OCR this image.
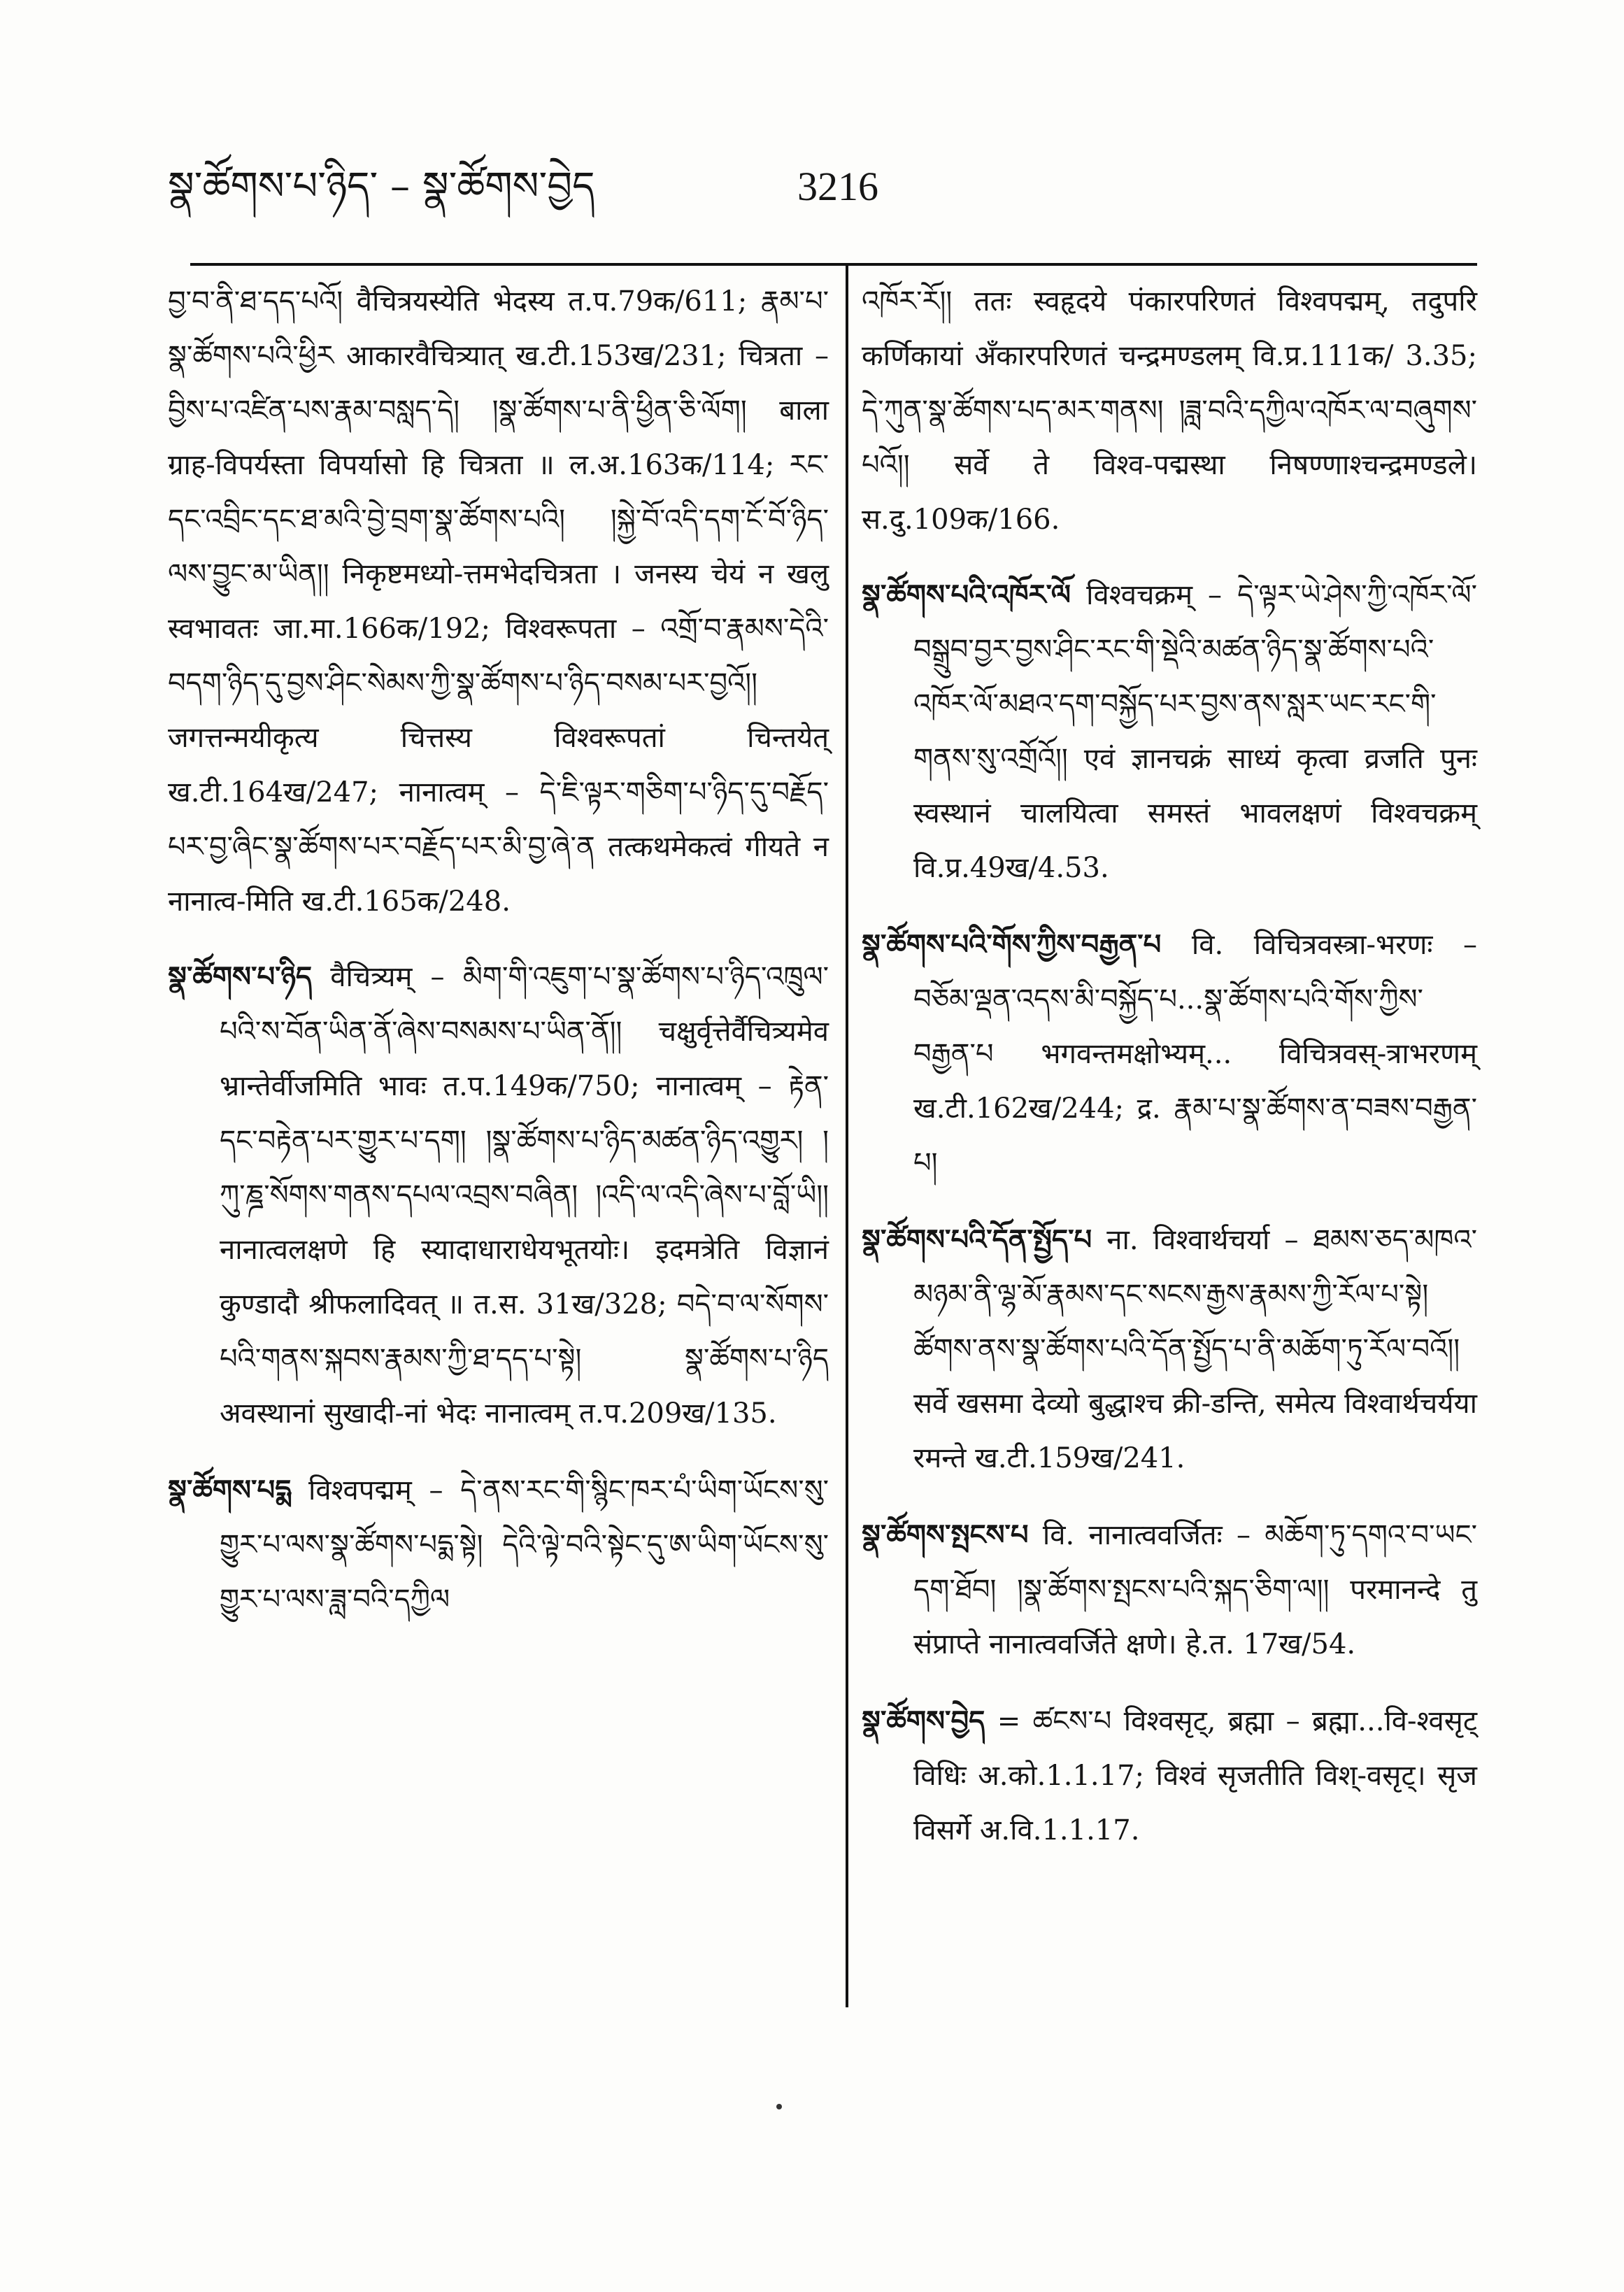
སྣ་ཚོགས་པ་ཉིད་ – སྣ་ཚོགས་བྱེད	3216

བྱ་བ་ནི་ཐ་དད་པའོ། वैचित्रयस्येति भेदस्य त.प.79क/611; རྣམ་པ་སྣ་ཚོགས་པའི་ཕྱིར आकारवैचित्र्यात् ख.टी.153ख/231; चित्रता – བྱིས་པ་འཛིན་པས་རྣམ་བསླད་དེ། །སྣ་ཚོགས་པ་ནི་ཕྱིན་ཅི་ལོག། बाला ग्राह-विपर्यस्ता विपर्यासो हि चित्रता ॥ ल.अ.163क/114; རང་དང་འབྲིང་དང་ཐ་མའི་བྱེ་བྲག་སྣ་ཚོགས་པའི། །སྐྱེ་བོ་འདི་དག་ངོ་བོ་ཉིད་ལས་བྱུང་མ་ཡིན།། निकृष्टमध्यो-त्तमभेदचित्रता । जनस्य चेयं न खलु स्वभावतः जा.मा.166क/192; विश्वरूपता – འགྲོ་བ་རྣམས་དེའི་བདག་ཉིད་དུ་བྱས་ཤིང་སེམས་ཀྱི་སྣ་ཚོགས་པ་ཉིད་བསམ་པར་བྱའོ།། जगत्तन्मयीकृत्य चित्तस्य विश्वरूपतां चिन्तयेत् ख.टी.164ख/247; नानात्वम् – དེ་ཇི་ལྟར་གཅིག་པ་ཉིད་དུ་བརྗོད་པར་བྱ་ཞིང་སྣ་ཚོགས་པར་བརྗོད་པར་མི་བྱ་ཞེ་ན तत्कथमेकत्वं गीयते न नानात्व-मिति ख.टी.165क/248.

སྣ་ཚོགས་པ་ཉིད वैचित्र्यम् – མིག་གི་འཇུག་པ་སྣ་ཚོགས་པ་ཉིད་འཁྲུལ་པའི་ས་བོན་ཡིན་ནོ་ཞེས་བསམས་པ་ཡིན་ནོ།། चक्षुर्वृत्तेर्वैचित्र्यमेव भ्रान्तेर्वीजमिति भावः त.प.149क/750; नानात्वम् – རྟེན་དང་བརྟེན་པར་གྱུར་པ་དག། །སྣ་ཚོགས་པ་ཉིད་མཚན་ཉིད་འགྱུར། །ཀུ་ཎྜ་སོགས་གནས་དཔལ་འབྲས་བཞིན། །འདི་ལ་འདི་ཞེས་པ་བློ་ཡི།། नानात्वलक्षणे हि स्यादाधाराधेयभूतयोः। इदमत्रेति विज्ञानं कुण्डादौ श्रीफलादिवत् ॥ त.स. 31ख/328; བདེ་བ་ལ་སོགས་པའི་གནས་སྐབས་རྣམས་ཀྱི་ཐ་དད་པ་སྟེ། སྣ་ཚོགས་པ་ཉིད अवस्थानां सुखादी-नां भेदः नानात्वम् त.प.209ख/135.

སྣ་ཚོགས་པདྨ विश्वपद्मम् – དེ་ནས་རང་གི་སྙིང་ཁར་པཾ་ཡིག་ཡོངས་སུ་གྱུར་པ་ལས་སྣ་ཚོགས་པདྨ་སྟེ། དེའི་ལྟེ་བའི་སྟེང་དུ་ཨ་ཡིག་ཡོངས་སུ་གྱུར་པ་ལས་ཟླ་བའི་དཀྱིལ

འཁོར་རོ།། ततः स्वहृदये पंकारपरिणतं विश्वपद्मम्, तदुपरि कर्णिकायां अँकारपरिणतं चन्द्रमण्डलम् वि.प्र.111क/ 3.35; དེ་ཀུན་སྣ་ཚོགས་པད་མར་གནས། །ཟླ་བའི་དཀྱིལ་འཁོར་ལ་བཞུགས་པའོ།། सर्वे ते विश्व-पद्मस्था निषण्णाश्चन्द्रमण्डले। स.दु.109क/166.

སྣ་ཚོགས་པའི་འཁོར་ལོ विश्वचक्रम् – དེ་ལྟར་ཡེ་ཤེས་ཀྱི་འཁོར་ལོ་བསྒྲུབ་བྱར་བྱས་ཤིང་རང་གི་སྡེའི་མཚན་ཉིད་སྣ་ཚོགས་པའི་འཁོར་ལོ་མཐའ་དག་བསྐྱོད་པར་བྱས་ནས་སླར་ཡང་རང་གི་གནས་སུ་འགྲོའོ།། एवं ज्ञानचक्रं साध्यं कृत्वा व्रजति पुनः स्वस्थानं चालयित्वा समस्तं भावलक्षणं विश्वचक्रम् वि.प्र.49ख/4.53.

སྣ་ཚོགས་པའི་གོས་ཀྱིས་བརྒྱན་པ वि. विचित्रवस्त्रा-भरणः – བཅོམ་ལྡན་འདས་མི་བསྐྱོད་པ...སྣ་ཚོགས་པའི་གོས་ཀྱིས་བརྒྱན་པ भगवन्तमक्षोभ्यम्... विचित्रवस्-त्राभरणम् ख.टी.162ख/244; द्र. རྣམ་པ་སྣ་ཚོགས་ན་བཟས་བརྒྱན་པ།

སྣ་ཚོགས་པའི་དོན་སྤྱོད་པ ना. विश्वार्थचर्या – ཐམས་ཅད་མཁའ་མཉམ་ནི་ལྷ་མོ་རྣམས་དང་སངས་རྒྱས་རྣམས་ཀྱི་རོལ་པ་སྟེ། ཚོགས་ནས་སྣ་ཚོགས་པའི་དོན་སྤྱོད་པ་ནི་མཆོག་ཏུ་རོལ་བའོ།། सर्वे खसमा देव्यो बुद्धाश्च क्री-डन्ति, समेत्य विश्वार्थचर्यया रमन्ते ख.टी.159ख/241.

སྣ་ཚོགས་སྤངས་པ वि. नानात्ववर्जितः – མཆོག་ཏུ་དགའ་བ་ཡང་དག་ཐོབ། །སྣ་ཚོགས་སྤངས་པའི་སྐད་ཅིག་ལ།། परमानन्दे तु संप्राप्ते नानात्ववर्जिते क्षणे। हे.त. 17ख/54.

སྣ་ཚོགས་བྱེད = ཚངས་པ विश्वसृट्, ब्रह्मा – ब्रह्मा...वि-श्वसृट् विधिः अ.को.1.1.17; विश्वं सृजतीति विश्-वसृट्। सृज विसर्गे अ.वि.1.1.17.
